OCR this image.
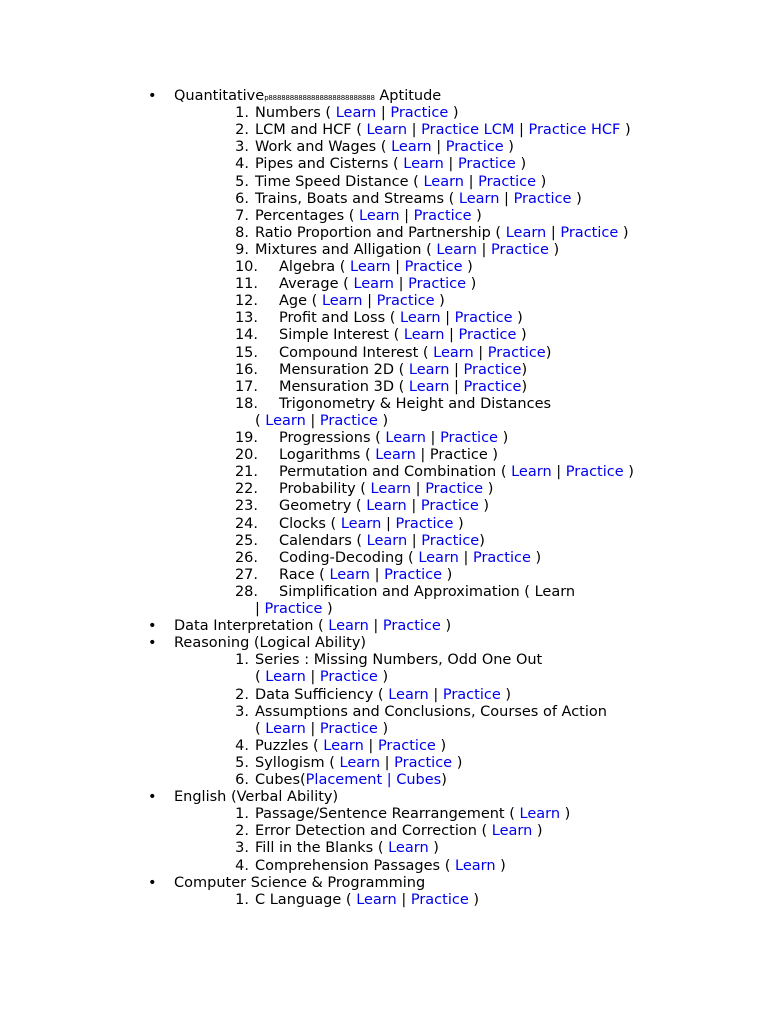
Quantitativep8888888888888888888888888 Aptitude
•
Numbers ( Learn | Practice )
1.
LCM and HCF ( Learn | Practice LCM | Practice HCF )
2.
Work and Wages ( Learn | Practice )
3.
Pipes and Cisterns ( Learn | Practice )
4.
Time Speed Distance ( Learn | Practice )
5.
Trains, Boats and Streams ( Learn | Practice )
6.
Percentages ( Learn | Practice )
7.
Ratio Proportion and Partnership ( Learn | Practice )
8.
Mixtures and Alligation ( Learn | Practice )
9.
Algebra ( Learn | Practice )
10.
Average ( Learn | Practice )
11.
Age ( Learn | Practice )
12.
Profit and Loss ( Learn | Practice )
13.
Simple Interest ( Learn | Practice )
14.
Compound Interest ( Learn | Practice)
15.
Mensuration 2D ( Learn | Practice)
16.
Mensuration 3D ( Learn | Practice)
17.
Trigonometry & Height and Distances
18.
( Learn | Practice )
Progressions ( Learn | Practice )
19.
Logarithms ( Learn | Practice )
20.
Permutation and Combination ( Learn | Practice )
21.
Probability ( Learn | Practice )
22.
Geometry ( Learn | Practice )
23.
Clocks ( Learn | Practice )
24.
Calendars ( Learn | Practice)
25.
Coding-Decoding ( Learn | Practice )
26.
Race ( Learn | Practice )
27.
Simplification and Approximation ( Learn
28.
| Practice )
Data Interpretation ( Learn | Practice )
•
Reasoning (Logical Ability)
•
Series : Missing Numbers, Odd One Out
1.
( Learn | Practice )
Data Sufficiency ( Learn | Practice )
2.
Assumptions and Conclusions, Courses of Action
3.
( Learn | Practice )
Puzzles ( Learn | Practice )
4.
Syllogism ( Learn | Practice )
5.
Cubes(Placement | Cubes)
6.
English (Verbal Ability)
•
Passage/Sentence Rearrangement ( Learn )
1.
Error Detection and Correction ( Learn )
2.
Fill in the Blanks ( Learn )
3.
Comprehension Passages ( Learn )
4.
Computer Science & Programming
•
C Language ( Learn | Practice )
1.
